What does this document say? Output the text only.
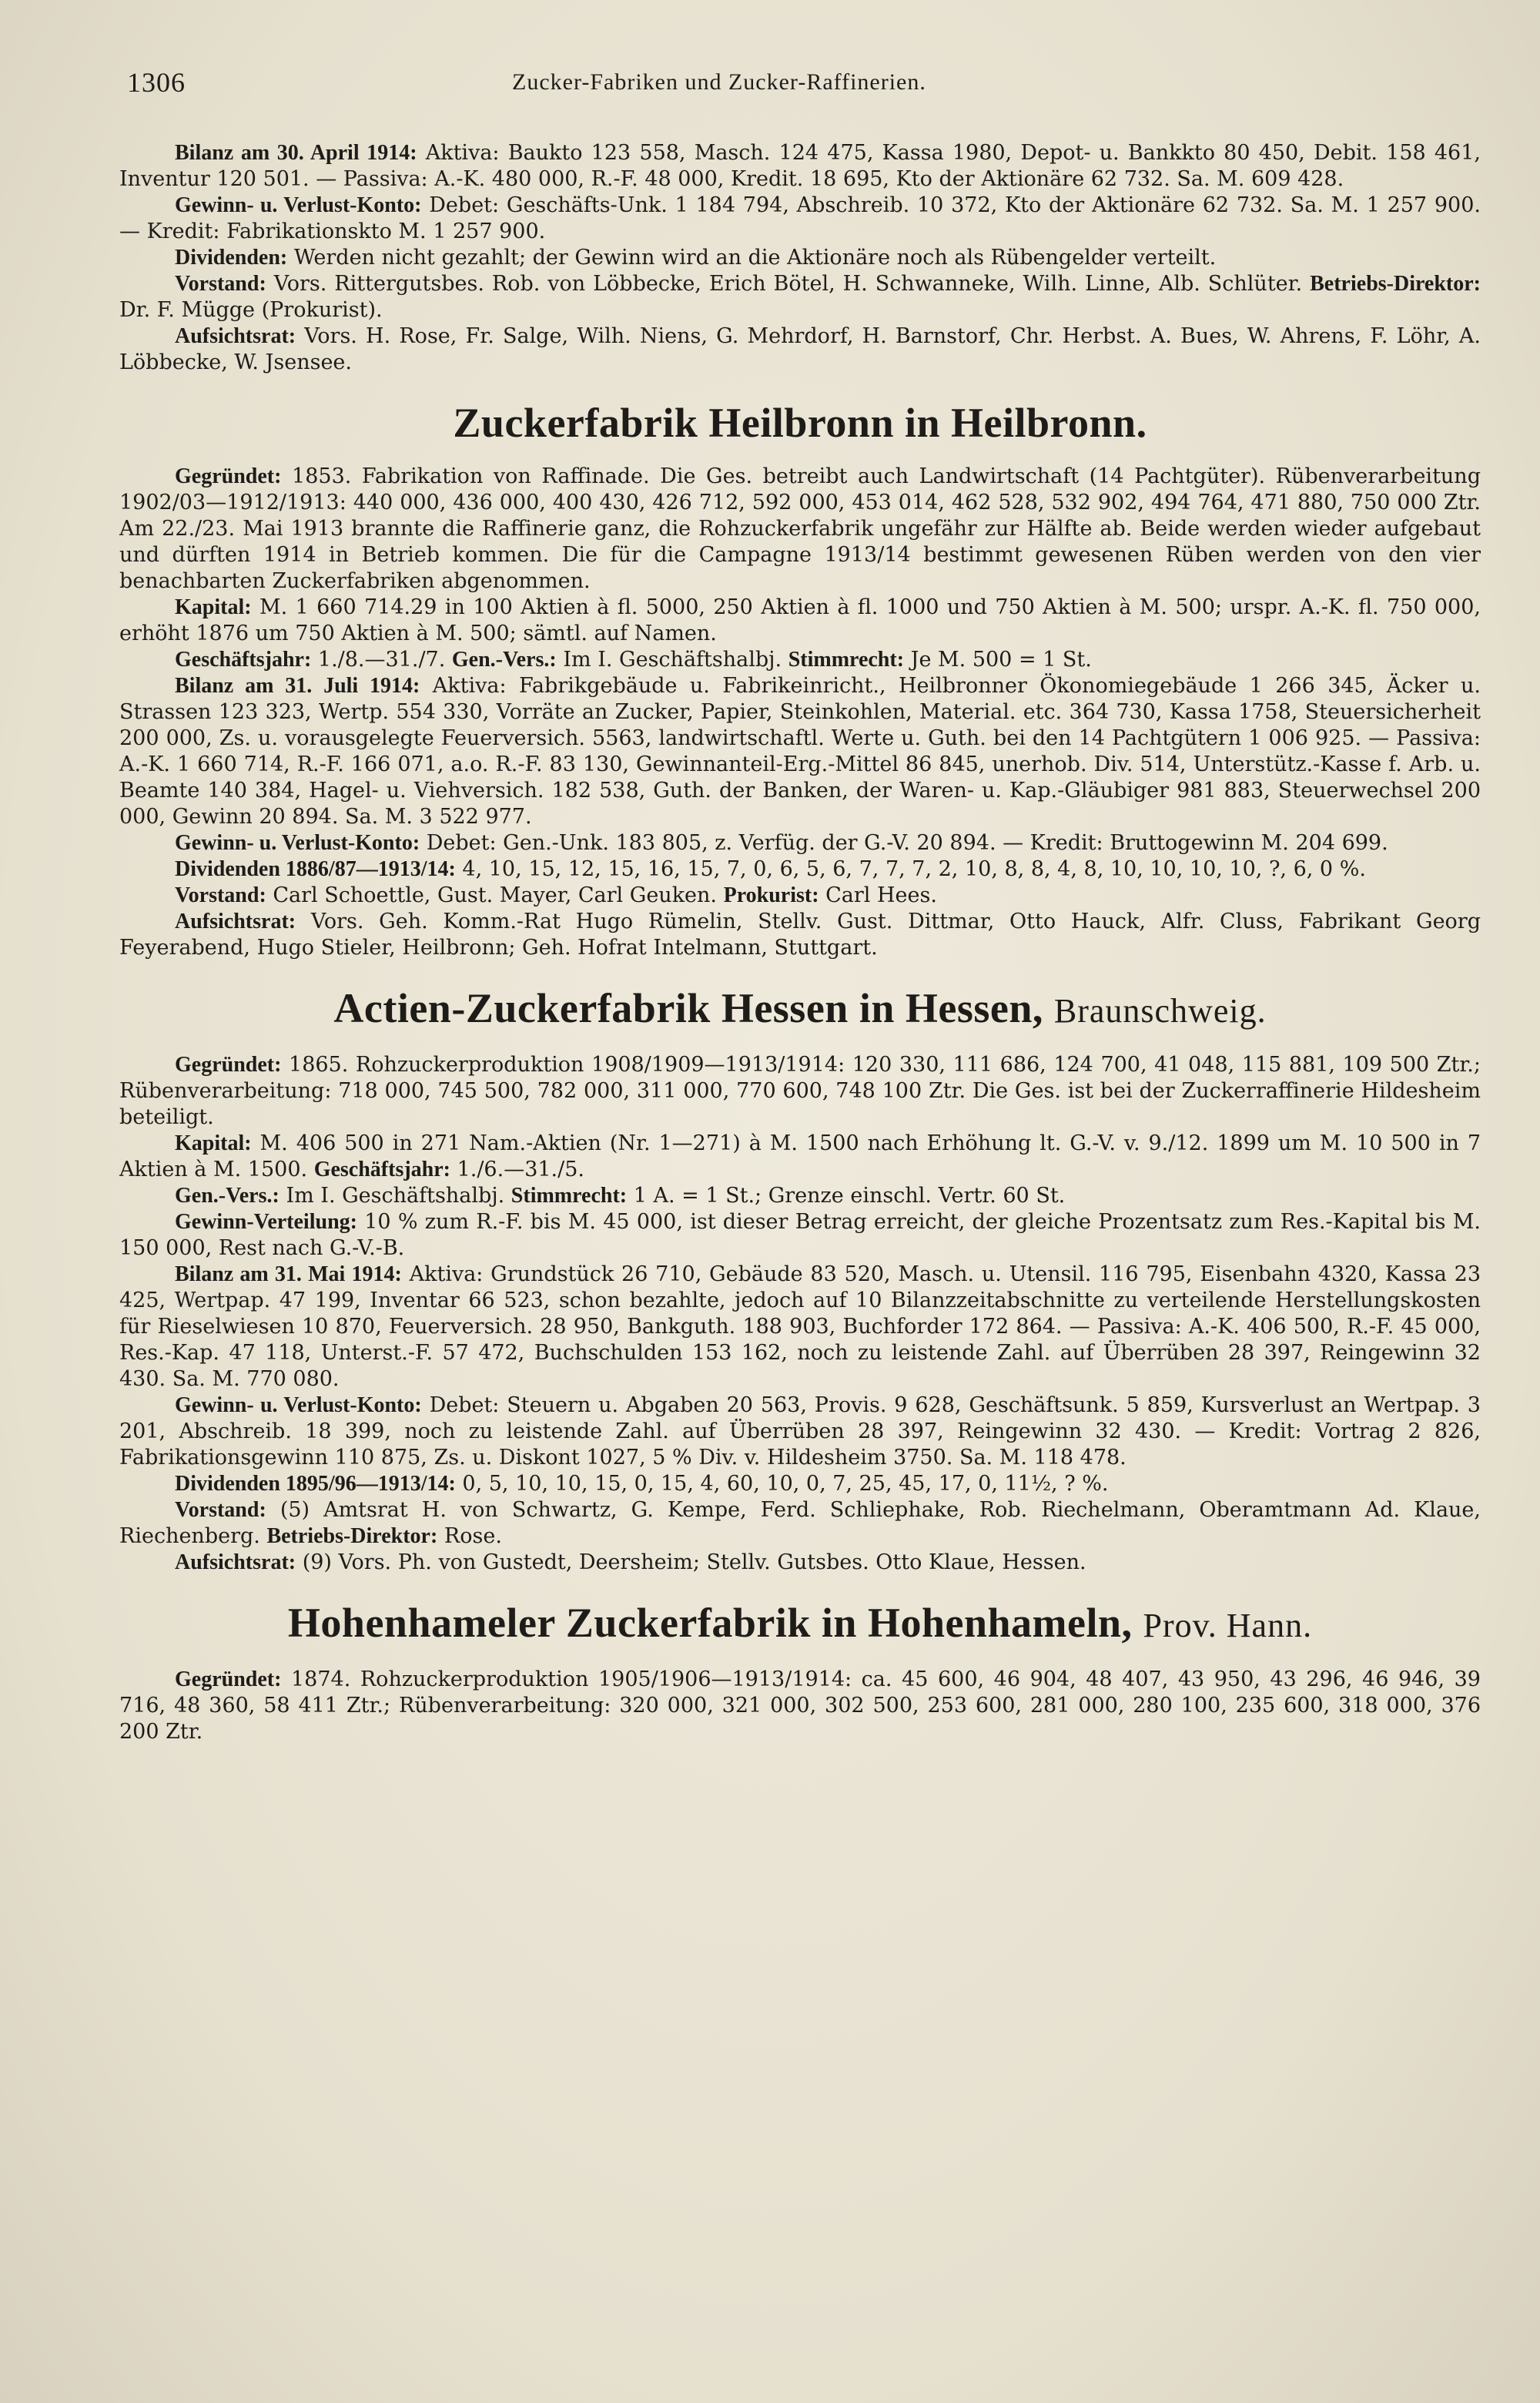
1306	Zucker-Fabriken und Zucker-Raffinerien.

Bilanz am 30. April 1914: Aktiva: Baukto 123 558, Masch. 124 475, Kassa 1980, Depot- u. Bankkto 80 450, Debit. 158 461, Inventur 120 501. — Passiva: A.-K. 480 000, R.-F. 48 000, Kredit. 18 695, Kto der Aktionäre 62 732. Sa. M. 609 428.

Gewinn- u. Verlust-Konto: Debet: Geschäfts-Unk. 1 184 794, Abschreib. 10 372, Kto der Aktionäre 62 732. Sa. M. 1 257 900. — Kredit: Fabrikationskto M. 1 257 900.

Dividenden: Werden nicht gezahlt; der Gewinn wird an die Aktionäre noch als Rübengelder verteilt.

Vorstand: Vors. Rittergutsbes. Rob. von Löbbecke, Erich Bötel, H. Schwanneke, Wilh. Linne, Alb. Schlüter. Betriebs-Direktor: Dr. F. Mügge (Prokurist).

Aufsichtsrat: Vors. H. Rose, Fr. Salge, Wilh. Niens, G. Mehrdorf, H. Barnstorf, Chr. Herbst. A. Bues, W. Ahrens, F. Löhr, A. Löbbecke, W. Jsensee.

Zuckerfabrik Heilbronn in Heilbronn.

Gegründet: 1853. Fabrikation von Raffinade. Die Ges. betreibt auch Landwirtschaft (14 Pachtgüter). Rübenverarbeitung 1902/03—1912/1913: 440 000, 436 000, 400 430, 426 712, 592 000, 453 014, 462 528, 532 902, 494 764, 471 880, 750 000 Ztr. Am 22./23. Mai 1913 brannte die Raffinerie ganz, die Rohzuckerfabrik ungefähr zur Hälfte ab. Beide werden wieder aufgebaut und dürften 1914 in Betrieb kommen. Die für die Campagne 1913/14 bestimmt gewesenen Rüben werden von den vier benachbarten Zuckerfabriken abgenommen.

Kapital: M. 1 660 714.29 in 100 Aktien à fl. 5000, 250 Aktien à fl. 1000 und 750 Aktien à M. 500; urspr. A.-K. fl. 750 000, erhöht 1876 um 750 Aktien à M. 500; sämtl. auf Namen.

Geschäftsjahr: 1./8.—31./7. Gen.-Vers.: Im I. Geschäftshalbj. Stimmrecht: Je M. 500 = 1 St.

Bilanz am 31. Juli 1914: Aktiva: Fabrikgebäude u. Fabrikeinricht., Heilbronner Ökonomiegebäude 1 266 345, Äcker u. Strassen 123 323, Wertp. 554 330, Vorräte an Zucker, Papier, Steinkohlen, Material. etc. 364 730, Kassa 1758, Steuersicherheit 200 000, Zs. u. vorausgelegte Feuerversich. 5563, landwirtschaftl. Werte u. Guth. bei den 14 Pachtgütern 1 006 925. — Passiva: A.-K. 1 660 714, R.-F. 166 071, a.o. R.-F. 83 130, Gewinnanteil-Erg.-Mittel 86 845, unerhob. Div. 514, Unterstütz.-Kasse f. Arb. u. Beamte 140 384, Hagel- u. Viehversich. 182 538, Guth. der Banken, der Waren- u. Kap.-Gläubiger 981 883, Steuerwechsel 200 000, Gewinn 20 894. Sa. M. 3 522 977.

Gewinn- u. Verlust-Konto: Debet: Gen.-Unk. 183 805, z. Verfüg. der G.-V. 20 894. — Kredit: Bruttogewinn M. 204 699.

Dividenden 1886/87—1913/14: 4, 10, 15, 12, 15, 16, 15, 7, 0, 6, 5, 6, 7, 7, 7, 2, 10, 8, 8, 4, 8, 10, 10, 10, 10, ?, 6, 0 %.

Vorstand: Carl Schoettle, Gust. Mayer, Carl Geuken. Prokurist: Carl Hees.

Aufsichtsrat: Vors. Geh. Komm.-Rat Hugo Rümelin, Stellv. Gust. Dittmar, Otto Hauck, Alfr. Cluss, Fabrikant Georg Feyerabend, Hugo Stieler, Heilbronn; Geh. Hofrat Intelmann, Stuttgart.

Actien-Zuckerfabrik Hessen in Hessen, Braunschweig.

Gegründet: 1865. Rohzuckerproduktion 1908/1909—1913/1914: 120 330, 111 686, 124 700, 41 048, 115 881, 109 500 Ztr.; Rübenverarbeitung: 718 000, 745 500, 782 000, 311 000, 770 600, 748 100 Ztr. Die Ges. ist bei der Zuckerraffinerie Hildesheim beteiligt.

Kapital: M. 406 500 in 271 Nam.-Aktien (Nr. 1—271) à M. 1500 nach Erhöhung lt. G.-V. v. 9./12. 1899 um M. 10 500 in 7 Aktien à M. 1500. Geschäftsjahr: 1./6.—31./5.

Gen.-Vers.: Im I. Geschäftshalbj. Stimmrecht: 1 A. = 1 St.; Grenze einschl. Vertr. 60 St.

Gewinn-Verteilung: 10 % zum R.-F. bis M. 45 000, ist dieser Betrag erreicht, der gleiche Prozentsatz zum Res.-Kapital bis M. 150 000, Rest nach G.-V.-B.

Bilanz am 31. Mai 1914: Aktiva: Grundstück 26 710, Gebäude 83 520, Masch. u. Utensil. 116 795, Eisenbahn 4320, Kassa 23 425, Wertpap. 47 199, Inventar 66 523, schon bezahlte, jedoch auf 10 Bilanzzeitabschnitte zu verteilende Herstellungskosten für Rieselwiesen 10 870, Feuerversich. 28 950, Bankguth. 188 903, Buchforder 172 864. — Passiva: A.-K. 406 500, R.-F. 45 000, Res.-Kap. 47 118, Unterst.-F. 57 472, Buchschulden 153 162, noch zu leistende Zahl. auf Überrüben 28 397, Reingewinn 32 430. Sa. M. 770 080.

Gewinn- u. Verlust-Konto: Debet: Steuern u. Abgaben 20 563, Provis. 9 628, Geschäftsunk. 5 859, Kursverlust an Wertpap. 3 201, Abschreib. 18 399, noch zu leistende Zahl. auf Überrüben 28 397, Reingewinn 32 430. — Kredit: Vortrag 2 826, Fabrikationsgewinn 110 875, Zs. u. Diskont 1027, 5 % Div. v. Hildesheim 3750. Sa. M. 118 478.

Dividenden 1895/96—1913/14: 0, 5, 10, 10, 15, 0, 15, 4, 60, 10, 0, 7, 25, 45, 17, 0, 11½, ? %.

Vorstand: (5) Amtsrat H. von Schwartz, G. Kempe, Ferd. Schliephake, Rob. Riechelmann, Oberamtmann Ad. Klaue, Riechenberg. Betriebs-Direktor: Rose.

Aufsichtsrat: (9) Vors. Ph. von Gustedt, Deersheim; Stellv. Gutsbes. Otto Klaue, Hessen.

Hohenhameler Zuckerfabrik in Hohenhameln, Prov. Hann.

Gegründet: 1874. Rohzuckerproduktion 1905/1906—1913/1914: ca. 45 600, 46 904, 48 407, 43 950, 43 296, 46 946, 39 716, 48 360, 58 411 Ztr.; Rübenverarbeitung: 320 000, 321 000, 302 500, 253 600, 281 000, 280 100, 235 600, 318 000, 376 200 Ztr.
